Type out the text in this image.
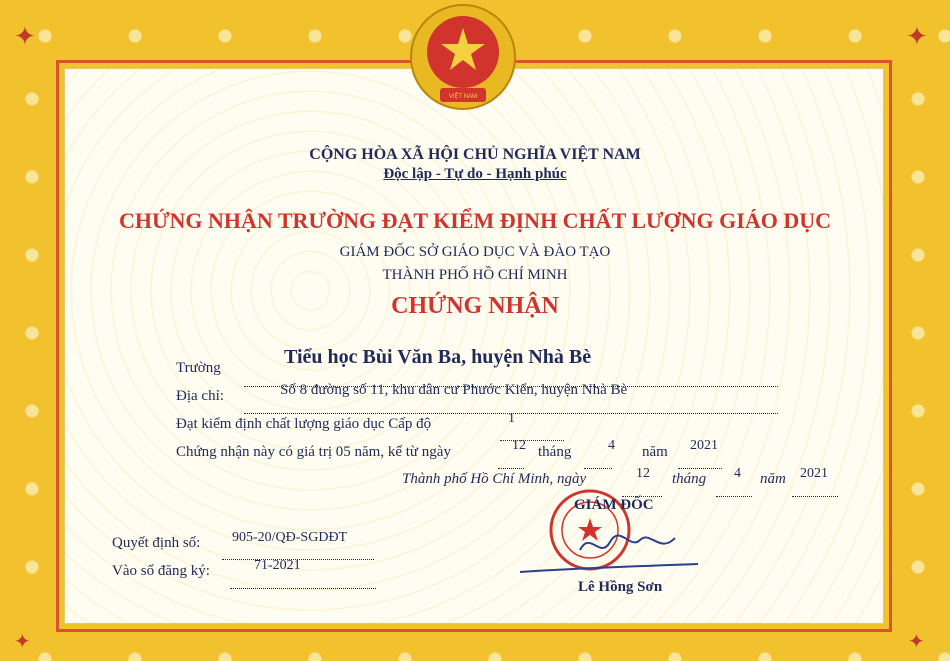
✦	✦
✦	✦
VIỆT NAM
CỘNG HÒA XÃ HỘI CHỦ NGHĨA VIỆT NAM
Độc lập - Tự do - Hạnh phúc
CHỨNG NHẬN TRƯỜNG ĐẠT KIỂM ĐỊNH CHẤT LƯỢNG GIÁO DỤC
GIÁM ĐỐC SỞ GIÁO DỤC VÀ ĐÀO TẠO
THÀNH PHỐ HỒ CHÍ MINH
CHỨNG NHẬN
Trường	Tiểu học Bùi Văn Ba, huyện Nhà Bè
Địa chỉ:	Số 8 đường số 11, khu dân cư Phước Kiển, huyện Nhà Bè
Đạt kiểm định chất lượng giáo dục Cấp độ	1
Chứng nhận này có giá trị 05 năm, kể từ ngày	12 tháng	4 năm 2021
Thành phố Hồ Chí Minh, ngày	12 tháng 4 năm 2021
GIÁM ĐỐC
Lê Hồng Sơn
Quyết định số: 905-20/QĐ-SGDĐT
Vào sổ đăng ký:	71-2021
